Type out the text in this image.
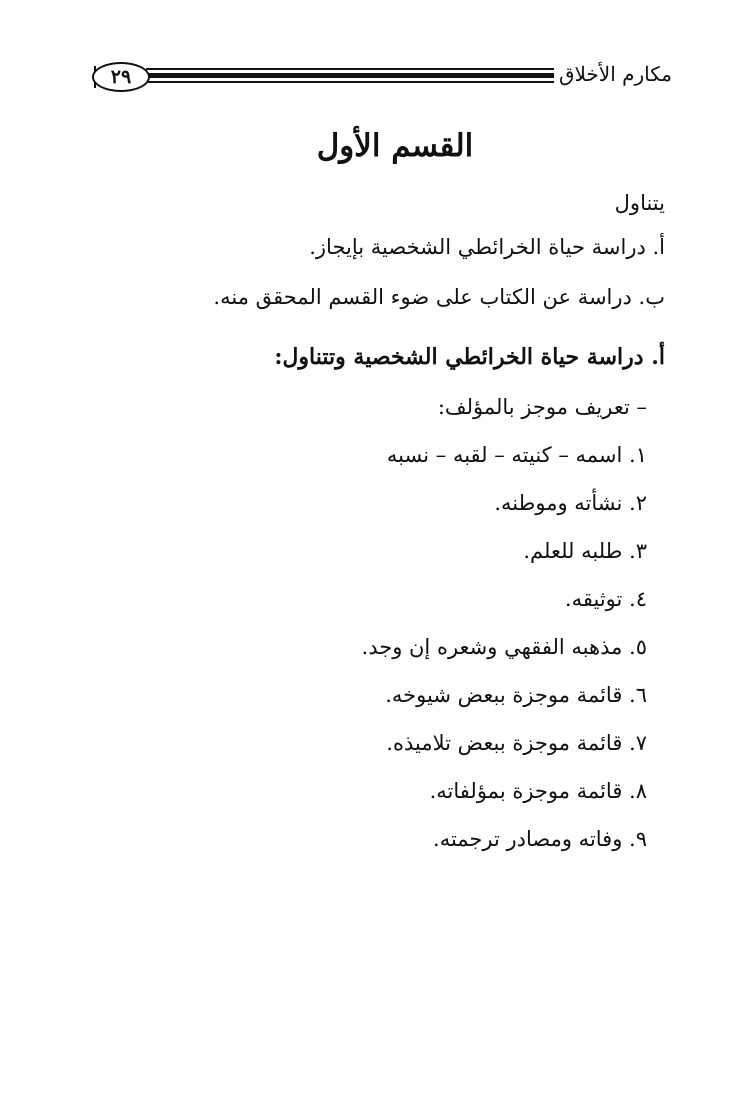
٢٩	مكارم الأخلاق
القسم الأول
يتناول
أ. دراسة حياة الخرائطي الشخصية بإيجاز.
ب. دراسة عن الكتاب على ضوء القسم المحقق منه.
أ. دراسة حياة الخرائطي الشخصية وتتناول:
– تعريف موجز بالمؤلف:
١. اسمه – كنيته – لقبه – نسبه
٢. نشأته وموطنه.
٣. طلبه للعلم.
٤. توثيقه.
٥. مذهبه الفقهي وشعره إن وجد.
٦. قائمة موجزة ببعض شيوخه.
٧. قائمة موجزة ببعض تلاميذه.
٨. قائمة موجزة بمؤلفاته.
٩. وفاته ومصادر ترجمته.
